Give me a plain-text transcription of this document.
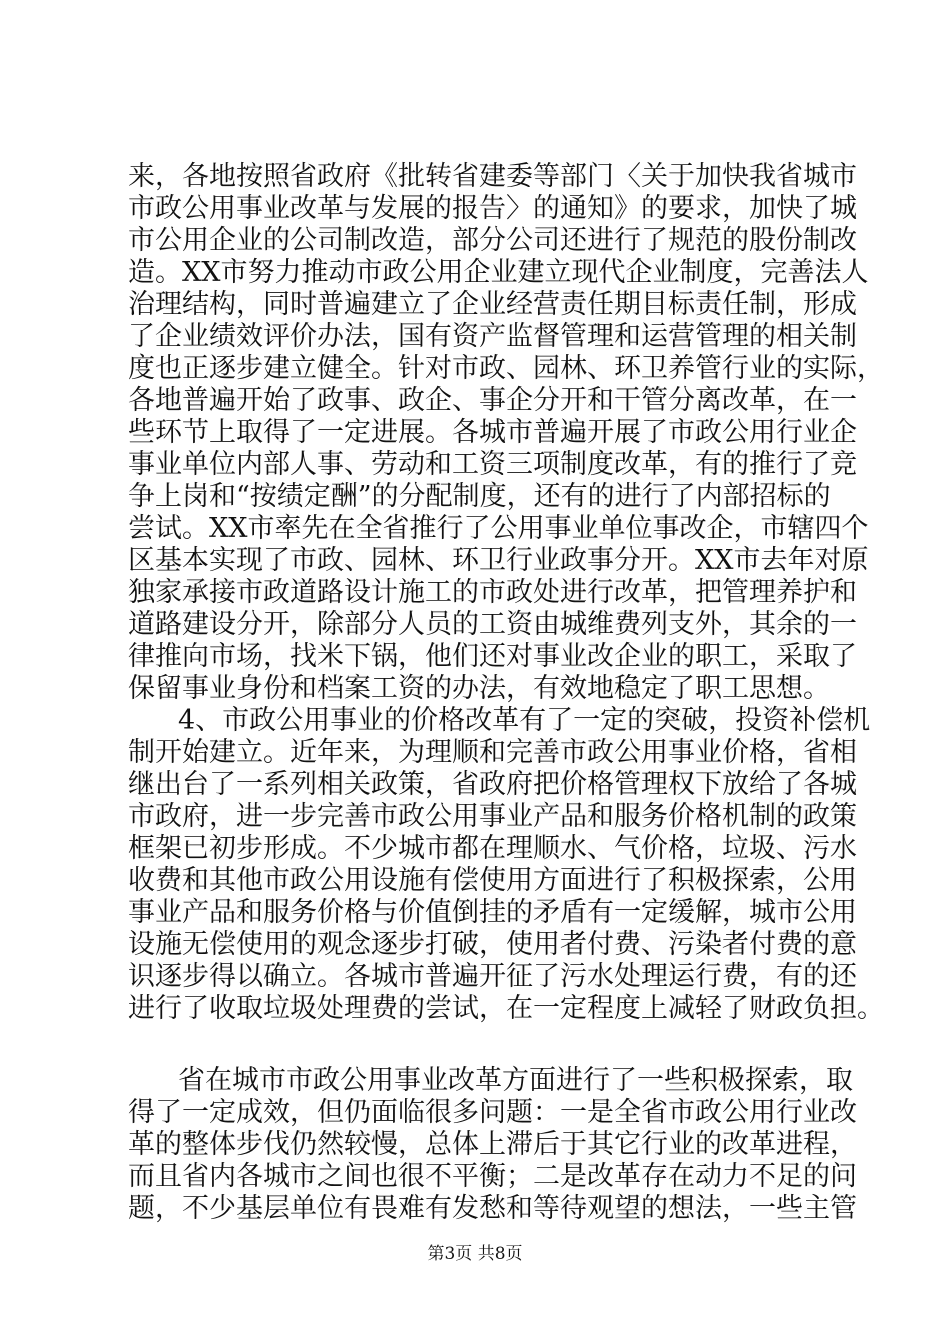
来，各地按照省政府《批转省建委等部门〈关于加快我省城市
市政公用事业改革与发展的报告〉的通知》的要求，加快了城
市公用企业的公司制改造，部分公司还进行了规范的股份制改
造。XX市努力推动市政公用企业建立现代企业制度，完善法人
治理结构，同时普遍建立了企业经营责任期目标责任制，形成
了企业绩效评价办法，国有资产监督管理和运营管理的相关制
度也正逐步建立健全。针对市政、园林、环卫养管行业的实际，
各地普遍开始了政事、政企、事企分开和干管分离改革，在一
些环节上取得了一定进展。各城市普遍开展了市政公用行业企
事业单位内部人事、劳动和工资三项制度改革，有的推行了竞
争上岗和“按绩定酬”的分配制度，还有的进行了内部招标的
尝试。XX市率先在全省推行了公用事业单位事改企，市辖四个
区基本实现了市政、园林、环卫行业政事分开。XX市去年对原
独家承接市政道路设计施工的市政处进行改革，把管理养护和
道路建设分开，除部分人员的工资由城维费列支外，其余的一
律推向市场，找米下锅，他们还对事业改企业的职工，采取了
保留事业身份和档案工资的办法，有效地稳定了职工思想。
4、市政公用事业的价格改革有了一定的突破，投资补偿机
制开始建立。近年来，为理顺和完善市政公用事业价格，省相
继出台了一系列相关政策，省政府把价格管理权下放给了各城
市政府，进一步完善市政公用事业产品和服务价格机制的政策
框架已初步形成。不少城市都在理顺水、气价格，垃圾、污水
收费和其他市政公用设施有偿使用方面进行了积极探索，公用
事业产品和服务价格与价值倒挂的矛盾有一定缓解，城市公用
设施无偿使用的观念逐步打破，使用者付费、污染者付费的意
识逐步得以确立。各城市普遍开征了污水处理运行费，有的还
进行了收取垃圾处理费的尝试，在一定程度上减轻了财政负担。
省在城市市政公用事业改革方面进行了一些积极探索，取
得了一定成效，但仍面临很多问题：一是全省市政公用行业改
革的整体步伐仍然较慢，总体上滞后于其它行业的改革进程，
而且省内各城市之间也很不平衡；二是改革存在动力不足的问
题，不少基层单位有畏难有发愁和等待观望的想法，一些主管
第3页 共8页
